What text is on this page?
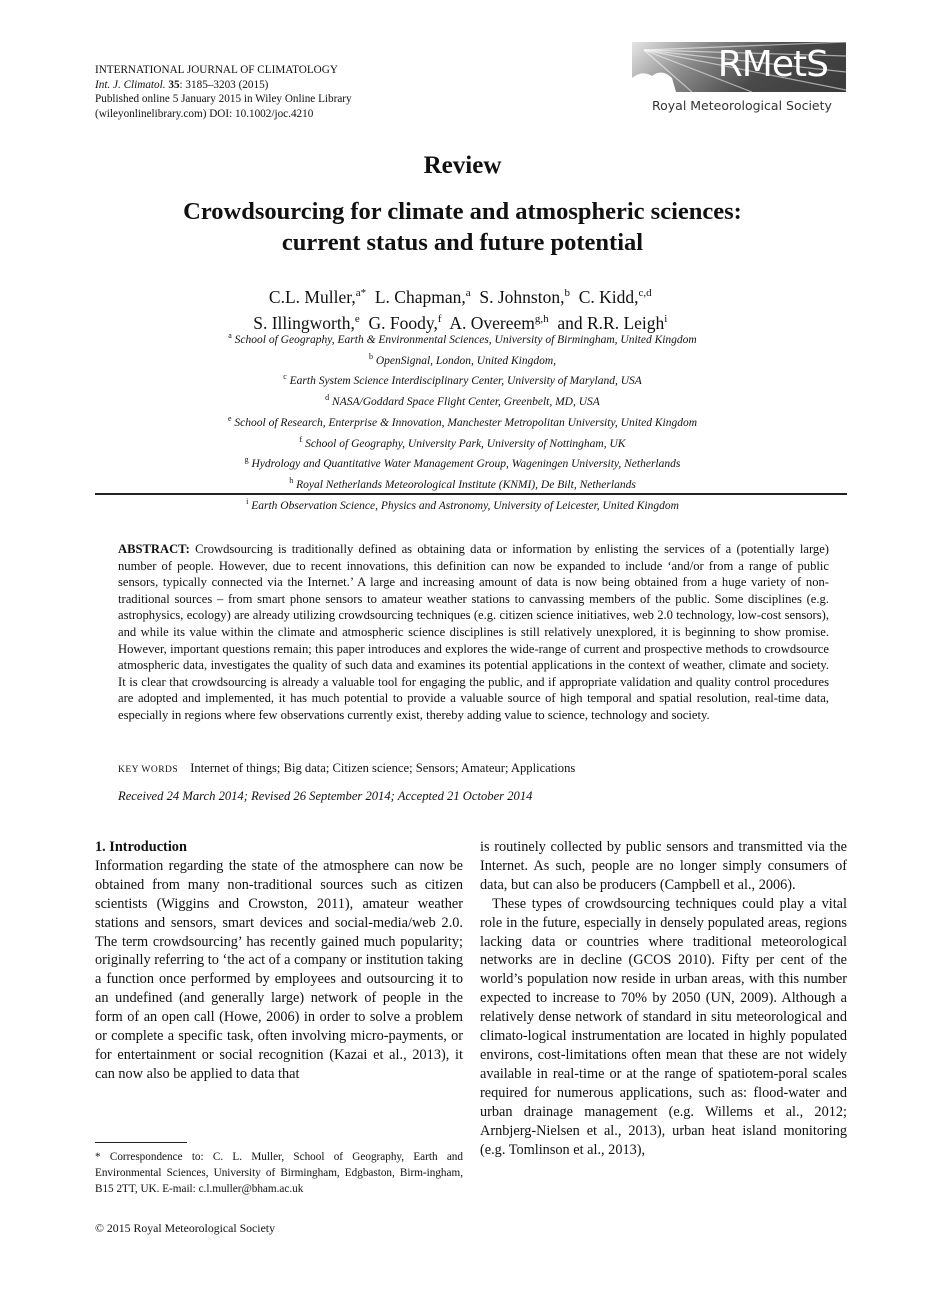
INTERNATIONAL JOURNAL OF CLIMATOLOGY
Int. J. Climatol. 35: 3185–3203 (2015)
Published online 5 January 2015 in Wiley Online Library
(wileyonlinelibrary.com) DOI: 10.1002/joc.4210
RMetS
Royal Meteorological Society
Review
Crowdsourcing for climate and atmospheric sciences:
current status and future potential
C.L. Muller,$^{a*}$ L. Chapman,$^a$ S. Johnston,$^b$ C. Kidd,$^{c,d}$
S. Illingworth,$^e$ G. Foody,$^f$ A. Overeem$^{g,h}$ and R.R. Leigh$^i$
$^a$ School of Geography, Earth & Environmental Sciences, University of Birmingham, United Kingdom
$^b$ OpenSignal, London, United Kingdom,
$^c$ Earth System Science Interdisciplinary Center, University of Maryland, USA
$^d$ NASA/Goddard Space Flight Center, Greenbelt, MD, USA
$^e$ School of Research, Enterprise & Innovation, Manchester Metropolitan University, United Kingdom
$^f$ School of Geography, University Park, University of Nottingham, UK
$^g$ Hydrology and Quantitative Water Management Group, Wageningen University, Netherlands
$^h$ Royal Netherlands Meteorological Institute (KNMI), De Bilt, Netherlands
$^i$ Earth Observation Science, Physics and Astronomy, University of Leicester, United Kingdom
ABSTRACT: Crowdsourcing is traditionally defined as obtaining data or information by enlisting the services of a (potentially large) number of people. However, due to recent innovations, this definition can now be expanded to include ‘and/or from a range of public sensors, typically connected via the Internet.’ A large and increasing amount of data is now being obtained from a huge variety of non-traditional sources – from smart phone sensors to amateur weather stations to canvassing members of the public. Some disciplines (e.g. astrophysics, ecology) are already utilizing crowdsourcing techniques (e.g. citizen science initiatives, web 2.0 technology, low-cost sensors), and while its value within the climate and atmospheric science disciplines is still relatively unexplored, it is beginning to show promise. However, important questions remain; this paper introduces and explores the wide-range of current and prospective methods to crowdsource atmospheric data, investigates the quality of such data and examines its potential applications in the context of weather, climate and society. It is clear that crowdsourcing is already a valuable tool for engaging the public, and if appropriate validation and quality control procedures are adopted and implemented, it has much potential to provide a valuable source of high temporal and spatial resolution, real-time data, especially in regions where few observations currently exist, thereby adding value to science, technology and society.
KEY WORDS Internet of things; Big data; Citizen science; Sensors; Amateur; Applications
Received 24 March 2014; Revised 26 September 2014; Accepted 21 October 2014

1. Introduction

Information regarding the state of the atmosphere can now be obtained from many non-traditional sources such as citizen scientists (Wiggins and Crowston, 2011), amateur weather stations and sensors, smart devices and social-media/web 2.0. The term crowdsourcing’ has recently gained much popularity; originally referring to ‘the act of a company or institution taking a function once performed by employees and outsourcing it to an undefined (and generally large) network of people in the form of an open call (Howe, 2006) in order to solve a problem or complete a specific task, often involving micro-payments, or for entertainment or social recognition (Kazai et al., 2013), it can now also be applied to data that

is routinely collected by public sensors and transmitted via the Internet. As such, people are no longer simply consumers of data, but can also be producers (Campbell et al., 2006).

These types of crowdsourcing techniques could play a vital role in the future, especially in densely populated areas, regions lacking data or countries where traditional meteorological networks are in decline (GCOS 2010). Fifty per cent of the world’s population now reside in urban areas, with this number expected to increase to 70% by 2050 (UN, 2009). Although a relatively dense network of standard in situ meteorological and climato-logical instrumentation are located in highly populated environs, cost-limitations often mean that these are not widely available in real-time or at the range of spatiotem-poral scales required for numerous applications, such as: flood-water and urban drainage management (e.g. Willems et al., 2012; Arnbjerg-Nielsen et al., 2013), urban heat island monitoring (e.g. Tomlinson et al., 2013),

* Correspondence to: C. L. Muller, School of Geography, Earth and Environmental Sciences, University of Birmingham, Edgbaston, Birm-ingham, B15 2TT, UK. E-mail: c.l.muller@bham.ac.uk
© 2015 Royal Meteorological Society
